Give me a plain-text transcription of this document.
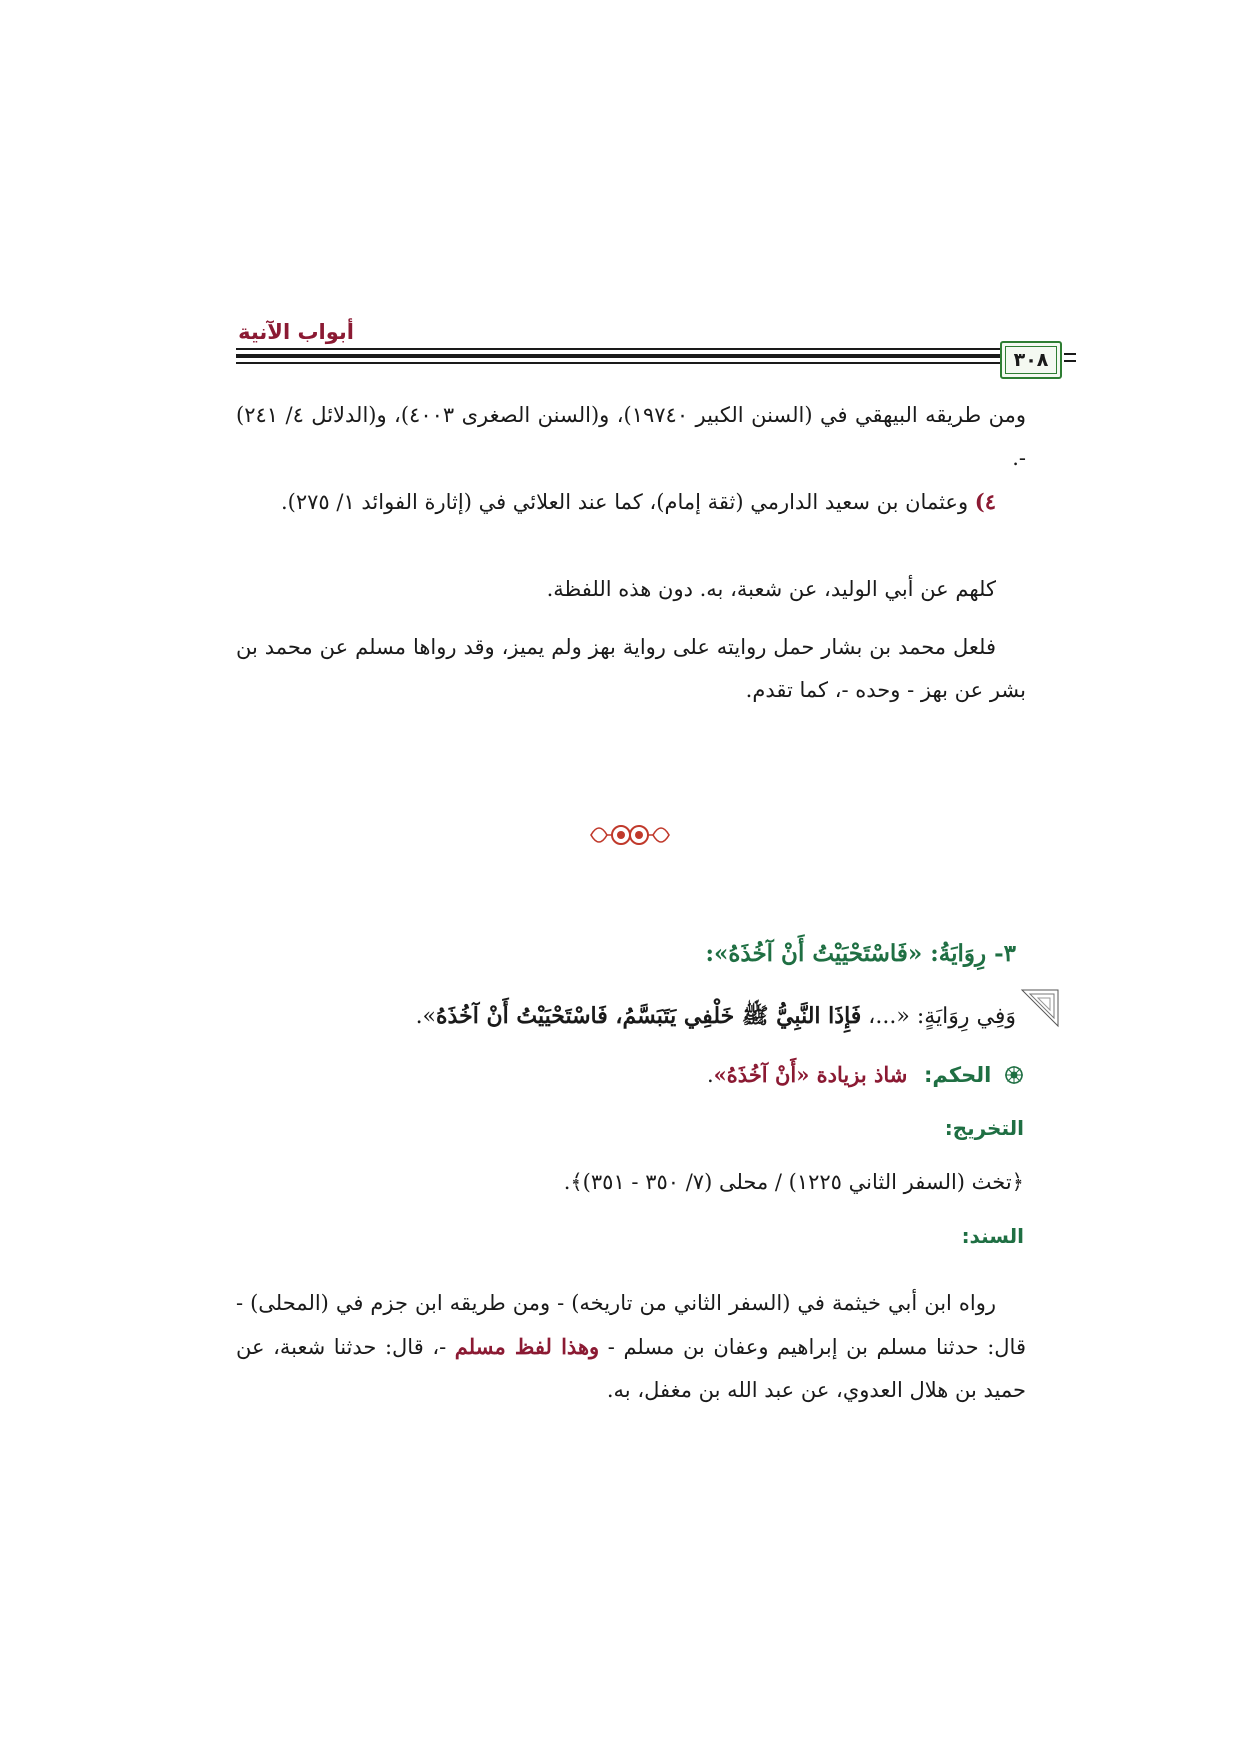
أبواب الآنية
٣٠٨
ومن طريقه البيهقي في (السنن الكبير ١٩٧٤٠)، و(السنن الصغرى ٤٠٠٣)، و(الدلائل ٤/ ٢٤١) -.
٤) وعثمان بن سعيد الدارمي (ثقة إمام)، كما عند العلائي في (إثارة الفوائد ١/ ٢٧٥).
كلهم عن أبي الوليد، عن شعبة، به. دون هذه اللفظة.
فلعل محمد بن بشار حمل روايته على رواية بهز ولم يميز، وقد رواها مسلم عن محمد بن بشر عن بهز - وحده -، كما تقدم.
٣- رِوَايَةُ: «فَاسْتَحْيَيْتُ أَنْ آخُذَهُ»:
وَفِي رِوَايَةٍ: «...، فَإِذَا النَّبِيُّ ﷺ خَلْفِي يَتَبَسَّمُ، فَاسْتَحْيَيْتُ أَنْ آخُذَهُ».
الحكم: شاذ بزيادة «أَنْ آخُذَهُ».
التخريج:
﴿تخث (السفر الثاني ١٢٢٥) / محلى (٧/ ٣٥٠ - ٣٥١)﴾.
السند:
رواه ابن أبي خيثمة في (السفر الثاني من تاريخه) - ومن طريقه ابن جزم في (المحلى) - قال: حدثنا مسلم بن إبراهيم وعفان بن مسلم - وهذا لفظ مسلم -، قال: حدثنا شعبة، عن حميد بن هلال العدوي، عن عبد الله بن مغفل، به.
